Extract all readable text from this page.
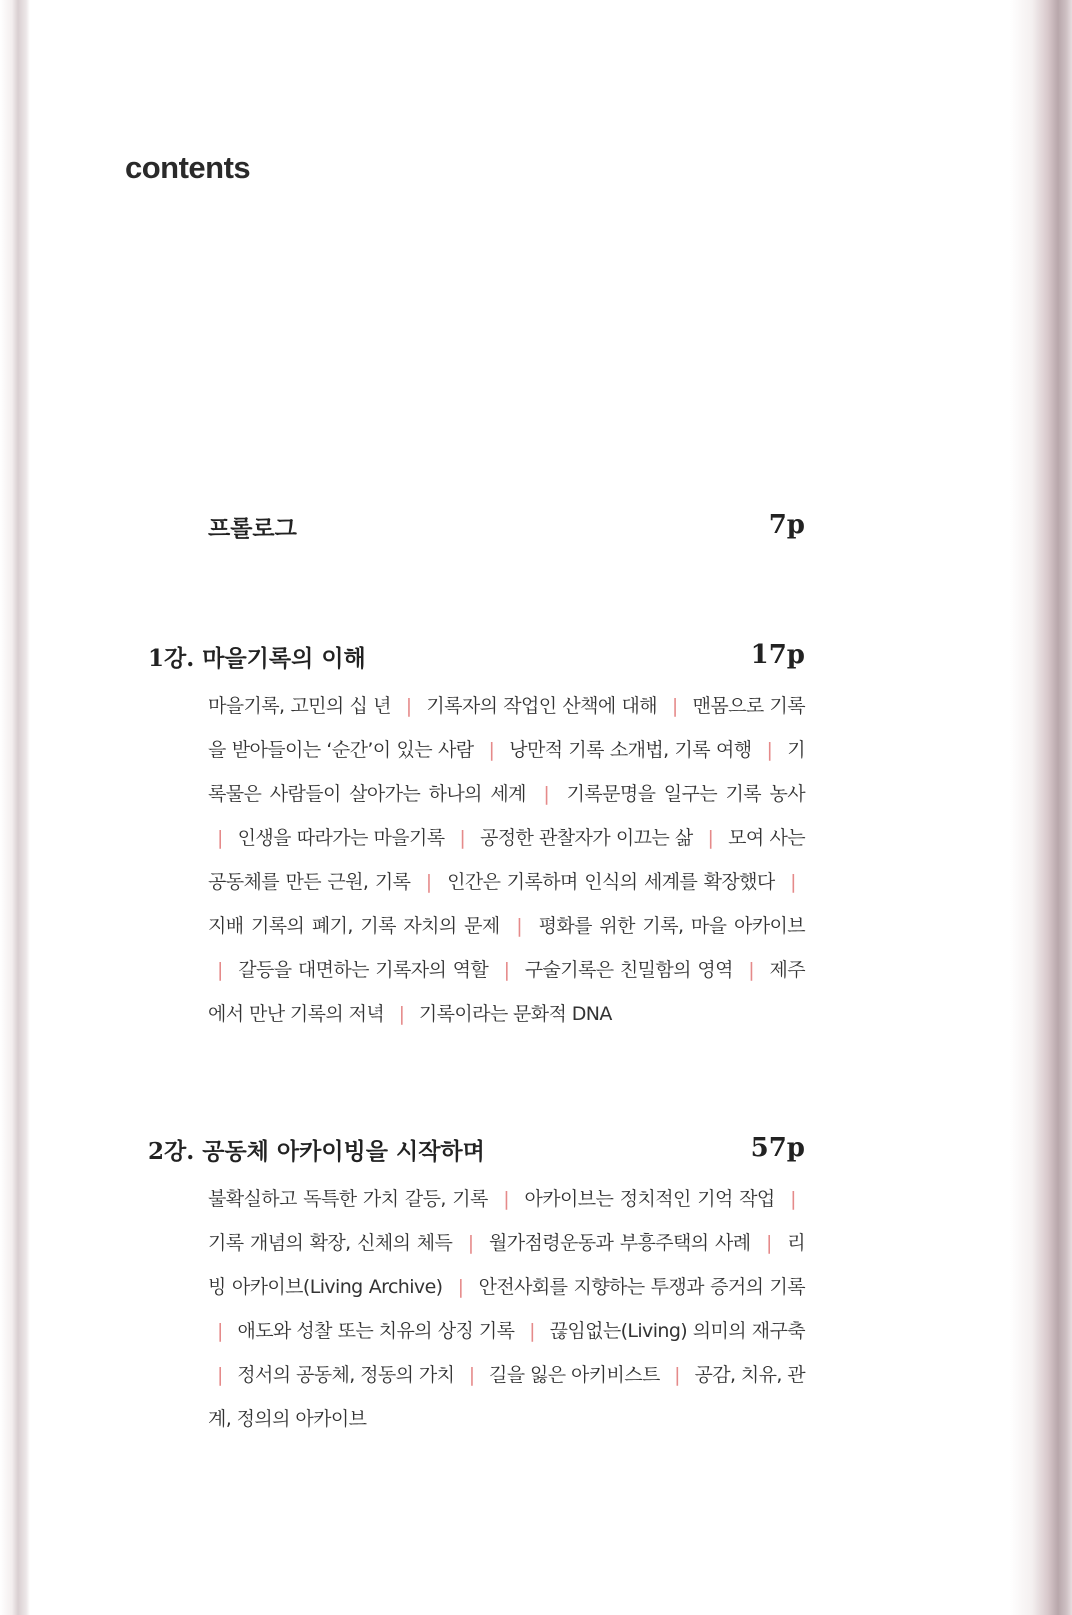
contents
프롤로그	7p
1강. 마을기록의 이해	17p
마을기록, 고민의 십 년 | 기록자의 작업인 산책에 대해 | 맨몸으로 기록을 받아들이는 ‘순간’이 있는 사람 | 낭만적 기록 소개법, 기록 여행 | 기록물은 사람들이 살아가는 하나의 세계 | 기록문명을 일구는 기록 농사 | 인생을 따라가는 마을기록 | 공정한 관찰자가 이끄는 삶 | 모여 사는 공동체를 만든 근원, 기록 | 인간은 기록하며 인식의 세계를 확장했다 | 지배 기록의 폐기, 기록 자치의 문제 | 평화를 위한 기록, 마을 아카이브 | 갈등을 대면하는 기록자의 역할 | 구술기록은 친밀함의 영역 | 제주에서 만난 기록의 저녁 | 기록이라는 문화적 DNA
2강. 공동체 아카이빙을 시작하며	57p
불확실하고 독특한 가치 갈등, 기록 | 아카이브는 정치적인 기억 작업 | 기록 개념의 확장, 신체의 체득 | 월가점령운동과 부흥주택의 사례 | 리빙 아카이브(Living Archive) | 안전사회를 지향하는 투쟁과 증거의 기록 | 애도와 성찰 또는 치유의 상징 기록 | 끊임없는(Living) 의미의 재구축 | 정서의 공동체, 정동의 가치 | 길을 잃은 아키비스트 | 공감, 치유, 관계, 정의의 아카이브
